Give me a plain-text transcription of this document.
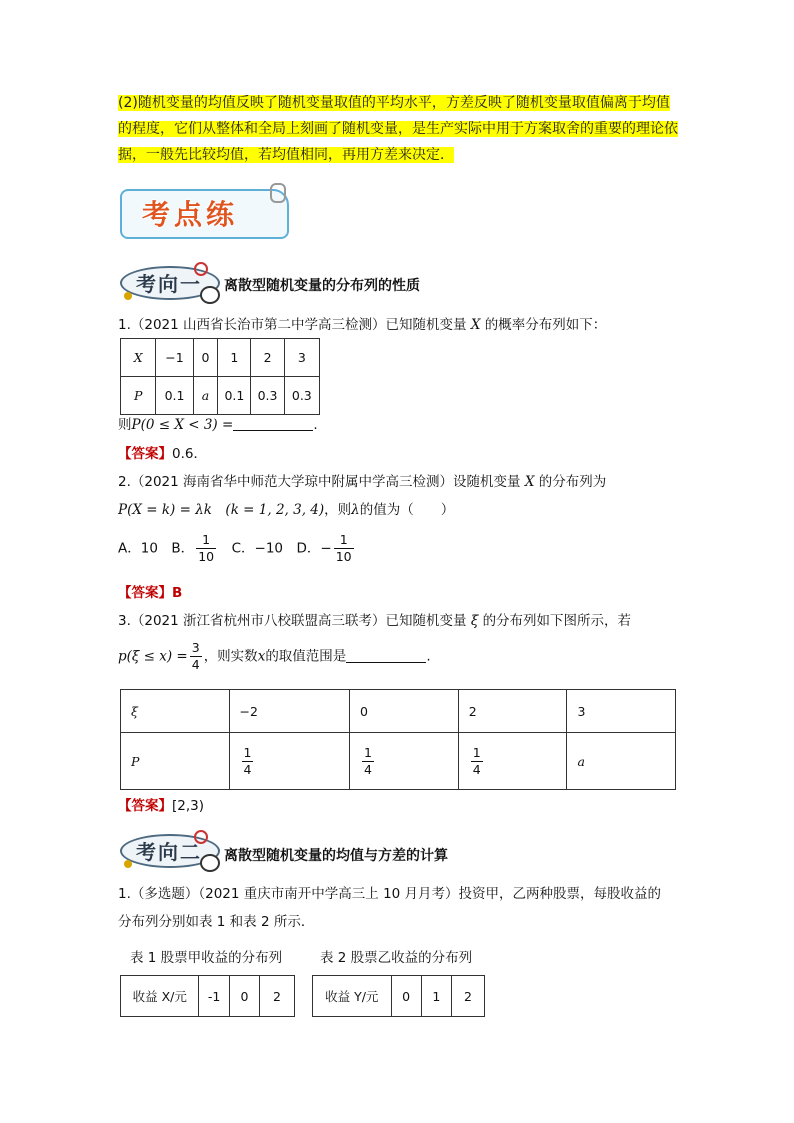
(2)随机变量的均值反映了随机变量取值的平均水平，方差反映了随机变量取值偏离于均值
的程度，它们从整体和全局上刻画了随机变量，是生产实际中用于方案取舍的重要的理论依
据，一般先比较均值，若均值相同，再用方差来决定．
考点练
考向一 离散型随机变量的分布列的性质
1.（2021 山西省长治市第二中学高三检测）已知随机变量 X 的概率分布列如下：
X	−1	0	1	2	3
P	0.1	a	0.1	0.3	0.3
则P(0 ≤ X < 3) =	.
【答案】0.6．
2.（2021 海南省华中师范大学琼中附属中学高三检测）设随机变量 X 的分布列为
P(X = k) = λk　(k = 1, 2, 3, 4)，则λ的值为（　　）
A．10　B． $\frac{1}{10}$ 　C．−10　D．− $\frac{1}{10}$
【答案】B
3.（2021 浙江省杭州市八校联盟高三联考）已知随机变量 ξ 的分布列如下图所示，若
$p(\xi \le x) = \frac{3}{4}$ ，则实数x的取值范围是	.
ξ	−2	0	2	3
P	$\frac{1}{4}$	$\frac{1}{4}$	$\frac{1}{4}$	a
【答案】[2,3)
考向二 离散型随机变量的均值与方差的计算
1.（多选题）（2021 重庆市南开中学高三上 10 月月考）投资甲，乙两种股票，每股收益的
分布列分别如表 1 和表 2 所示．
表 1 股票甲收益的分布列	表 2 股票乙收益的分布列
收益 X/元	-1	0	2	收益 Y/元	0	1	2
